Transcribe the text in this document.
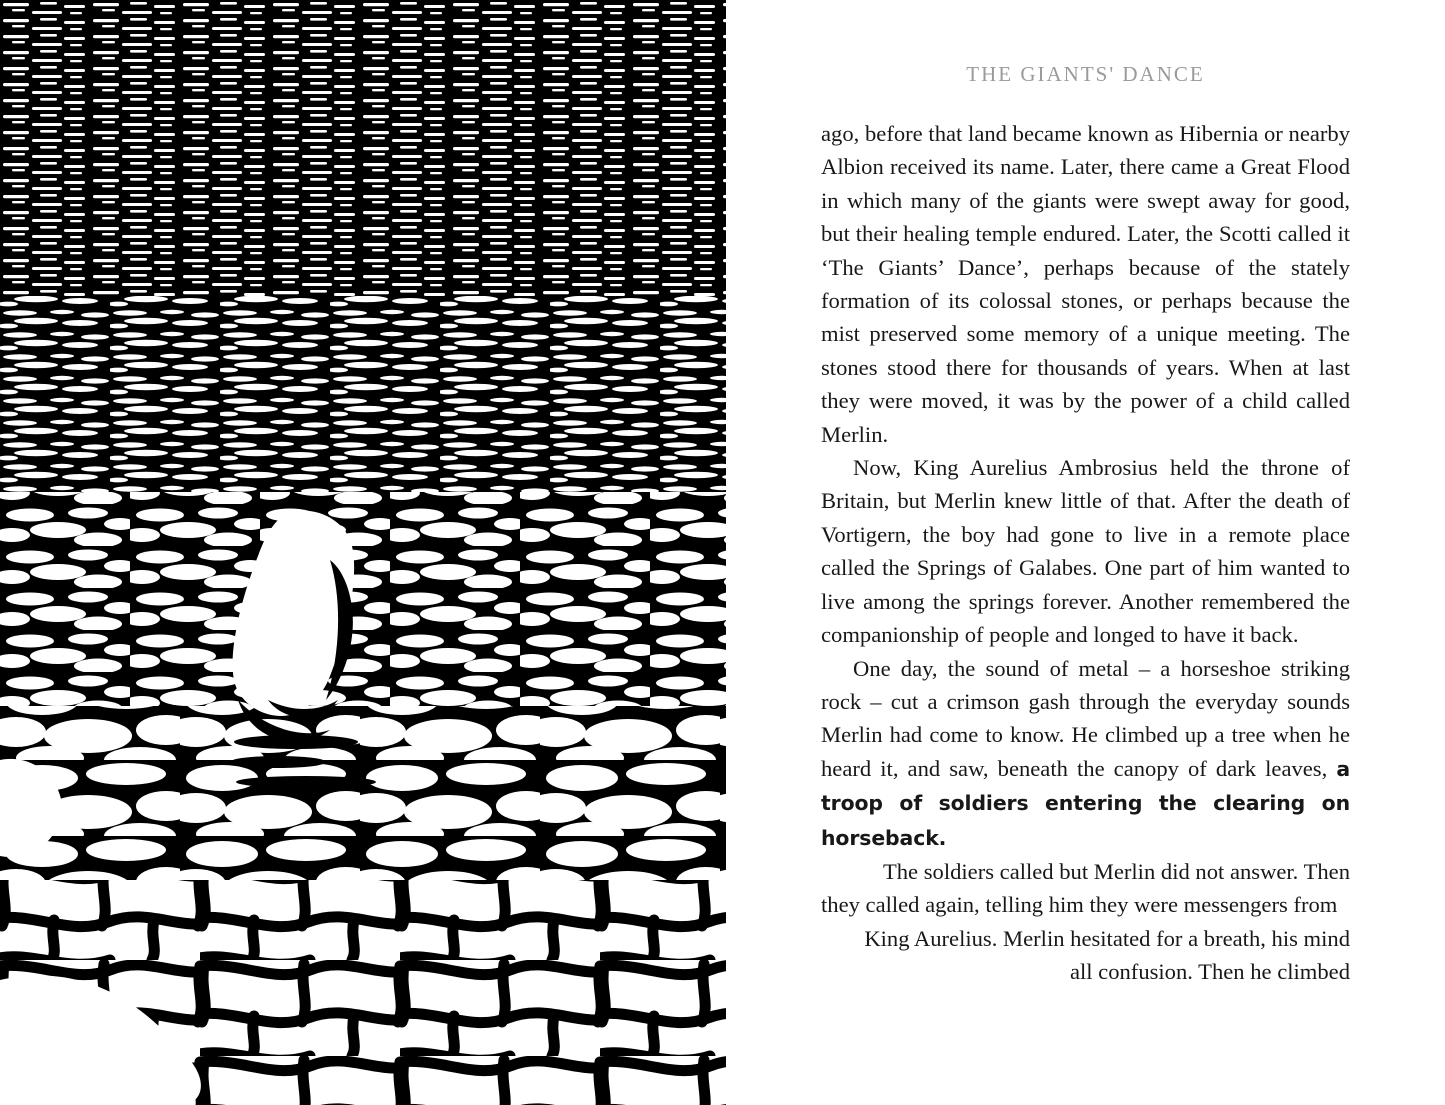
THE GIANTS' DANCE

ago, before that land became known as Hibernia or nearby Albion received its name. Later, there came a Great Flood in which many of the giants were swept away for good, but their healing temple endured. Later, the Scotti called it ‘The Giants’ Dance’, perhaps because of the stately formation of its colossal stones, or perhaps because the mist preserved some memory of a unique meeting. The stones stood there for thousands of years. When at last they were moved, it was by the power of a child called Merlin.

Now, King Aurelius Ambrosius held the throne of Britain, but Merlin knew little of that. After the death of Vortigern, the boy had gone to live in a remote place called the Springs of Galabes. One part of him wanted to live among the springs forever. Another remembered the companionship of people and longed to have it back.

One day, the sound of metal – a horseshoe striking rock – cut a crimson gash through the everyday sounds Merlin had come to know. He climbed up a tree when he heard it, and saw, beneath the canopy of dark leaves, a troop of soldiers entering the clearing on horseback.

The soldiers called but Merlin did not answer. Then
they called again, telling him they were messengers from
King Aurelius. Merlin hesitated for a breath, his mind
all confusion. Then he climbed
